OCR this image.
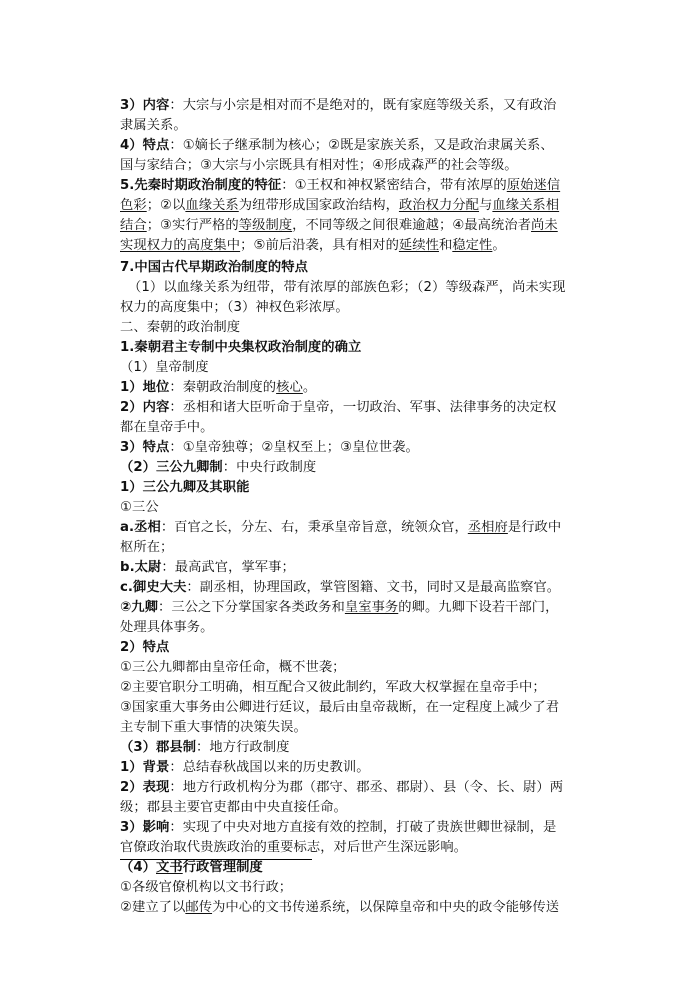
3）内容：大宗与小宗是相对而不是绝对的，既有家庭等级关系，又有政治
隶属关系。
4）特点：①嫡长子继承制为核心；②既是家族关系，又是政治隶属关系、
国与家结合；③大宗与小宗既具有相对性；④形成森严的社会等级。
5.先秦时期政治制度的特征：①王权和神权紧密结合，带有浓厚的原始迷信
色彩；②以血缘关系为纽带形成国家政治结构，政治权力分配与血缘关系相
结合；③实行严格的等级制度，不同等级之间很难逾越；④最高统治者尚未
实现权力的高度集中；⑤前后沿袭，具有相对的延续性和稳定性。
7.中国古代早期政治制度的特点
（1）以血缘关系为纽带，带有浓厚的部族色彩；（2）等级森严，尚未实现
权力的高度集中；（3）神权色彩浓厚。
二、秦朝的政治制度
1.秦朝君主专制中央集权政治制度的确立
（1）皇帝制度
1）地位：秦朝政治制度的核心。
2）内容：丞相和诸大臣听命于皇帝，一切政治、军事、法律事务的决定权
都在皇帝手中。
3）特点：①皇帝独尊；②皇权至上；③皇位世袭。
（2）三公九卿制：中央行政制度
1）三公九卿及其职能
①三公
a.丞相：百官之长，分左、右，秉承皇帝旨意，统领众官，丞相府是行政中
枢所在；
b.太尉：最高武官，掌军事；
c.御史大夫：副丞相，协理国政，掌管图籍、文书，同时又是最高监察官。
②九卿：三公之下分掌国家各类政务和皇室事务的卿。九卿下设若干部门，
处理具体事务。
2）特点
①三公九卿都由皇帝任命，概不世袭；
②主要官职分工明确，相互配合又彼此制约，军政大权掌握在皇帝手中；
③国家重大事务由公卿进行廷议，最后由皇帝裁断，在一定程度上减少了君
主专制下重大事情的决策失误。
（3）郡县制：地方行政制度
1）背景：总结春秋战国以来的历史教训。
2）表现：地方行政机构分为郡（郡守、郡丞、郡尉）、县（令、长、尉）两
级；郡县主要官吏都由中央直接任命。
3）影响：实现了中央对地方直接有效的控制，打破了贵族世卿世禄制，是
官僚政治取代贵族政治的重要标志，对后世产生深远影响。
（4）文书行政管理制度
①各级官僚机构以文书行政；
②建立了以邮传为中心的文书传递系统，以保障皇帝和中央的政令能够传送
